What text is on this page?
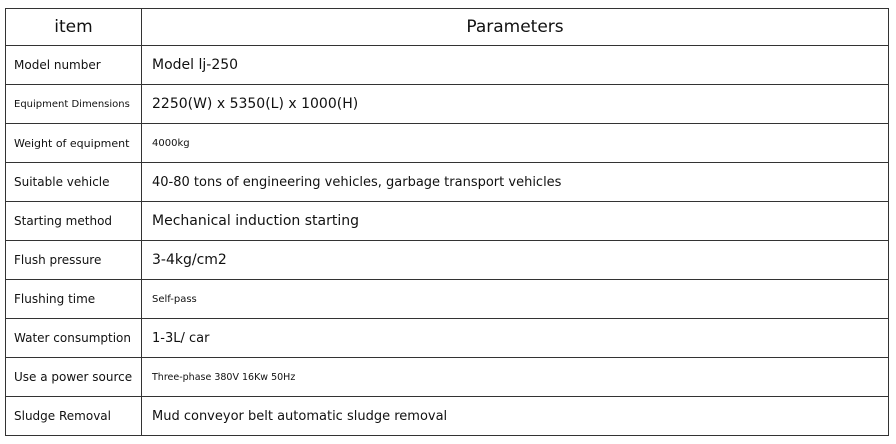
item	Parameters
Model number	Model lj-250
Equipment Dimensions	2250(W) x 5350(L) x 1000(H)
Weight of equipment	4000kg
Suitable vehicle	40-80 tons of engineering vehicles, garbage transport vehicles
Starting method	Mechanical induction starting
Flush pressure	3-4kg/cm2
Flushing time	Self-pass
Water consumption	1-3L/ car
Use a power source	Three-phase 380V 16Kw 50Hz
Sludge Removal	Mud conveyor belt automatic sludge removal
